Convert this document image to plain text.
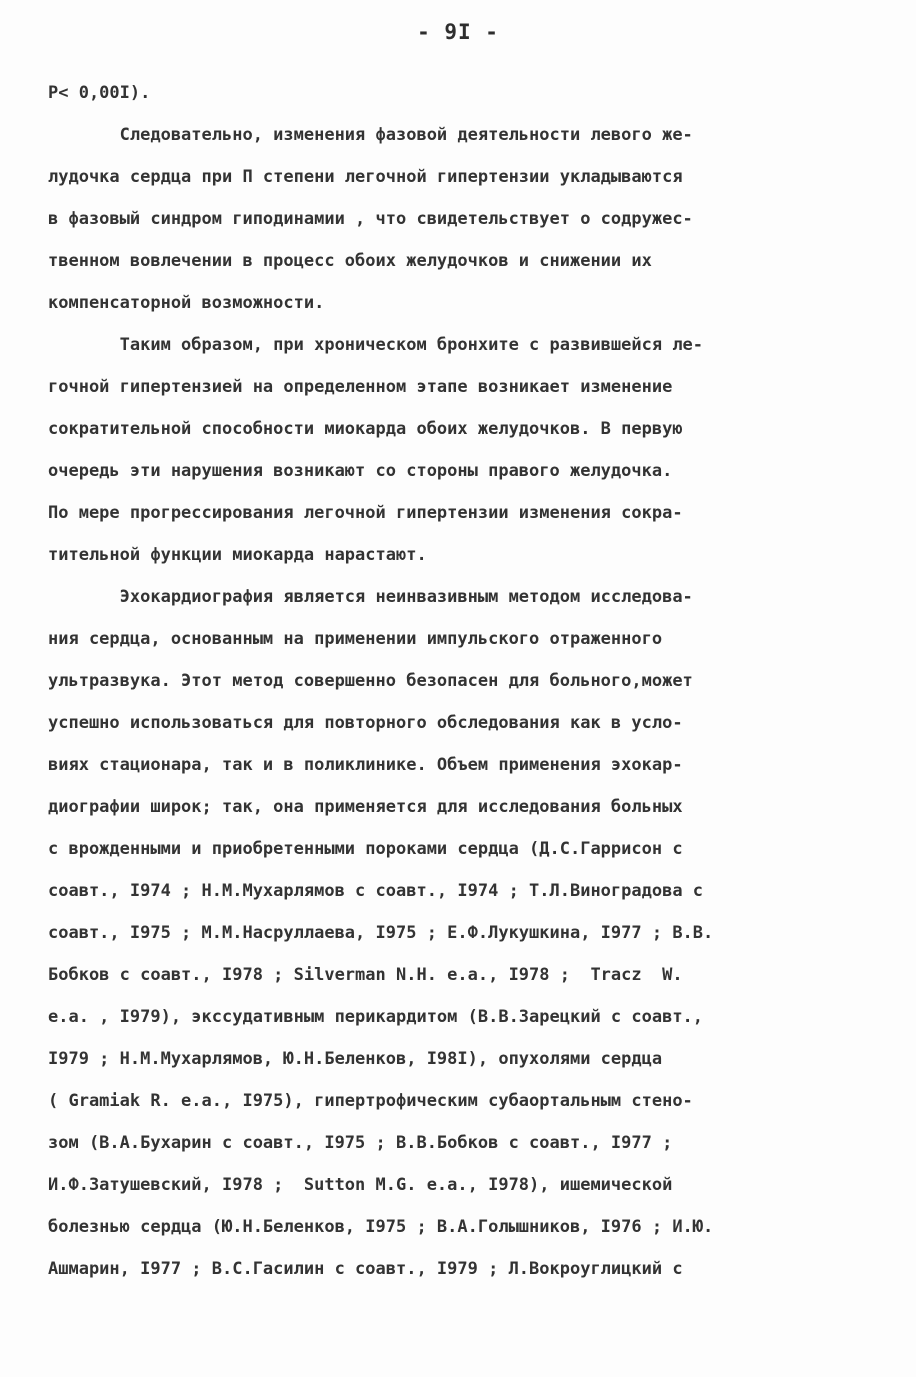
- 9I -
P< 0,00I).
Следовательно, изменения фазовой деятельности левого же-
лудочка сердца при П степени легочной гипертензии укладываются
в фазовый синдром гиподинамии , что свидетельствует о содружес-
твенном вовлечении в процесс обоих желудочков и снижении их
компенсаторной возможности.
Таким образом, при хроническом бронхите с развившейся ле-
гочной гипертензией на определенном этапе возникает изменение
сократительной способности миокарда обоих желудочков. В первую
очередь эти нарушения возникают со стороны правого желудочка.
По мере прогрессирования легочной гипертензии изменения сокра-
тительной функции миокарда нарастают.
Эхокардиография является неинвазивным методом исследова-
ния сердца, основанным на применении импульского отраженного
ультразвука. Этот метод совершенно безопасен для больного,может
успешно использоваться для повторного обследования как в усло-
виях стационара, так и в поликлинике. Объем применения эхокар-
диографии широк; так, она применяется для исследования больных
с врожденными и приобретенными пороками сердца (Д.С.Гаррисон с
соавт., I974 ; Н.М.Мухарлямов с соавт., I974 ; Т.Л.Виноградова с
соавт., I975 ; М.М.Насруллаева, I975 ; Е.Ф.Лукушкина, I977 ; В.В.
Бобков с соавт., I978 ; Silverman N.H. e.a., I978 ;  Tracz  W.
e.a. , I979), экссудативным перикардитом (В.В.Зарецкий с соавт.,
I979 ; Н.М.Мухарлямов, Ю.Н.Беленков, I98I), опухолями сердца
( Gramiak R. e.a., I975), гипертрофическим субаортальным стено-
зом (В.А.Бухарин с соавт., I975 ; В.В.Бобков с соавт., I977 ;
И.Ф.Затушевский, I978 ;  Sutton M.G. e.a., I978), ишемической
болезнью сердца (Ю.Н.Беленков, I975 ; В.А.Голышников, I976 ; И.Ю.
Ашмарин, I977 ; В.С.Гасилин с соавт., I979 ; Л.Вокроуглицкий с
